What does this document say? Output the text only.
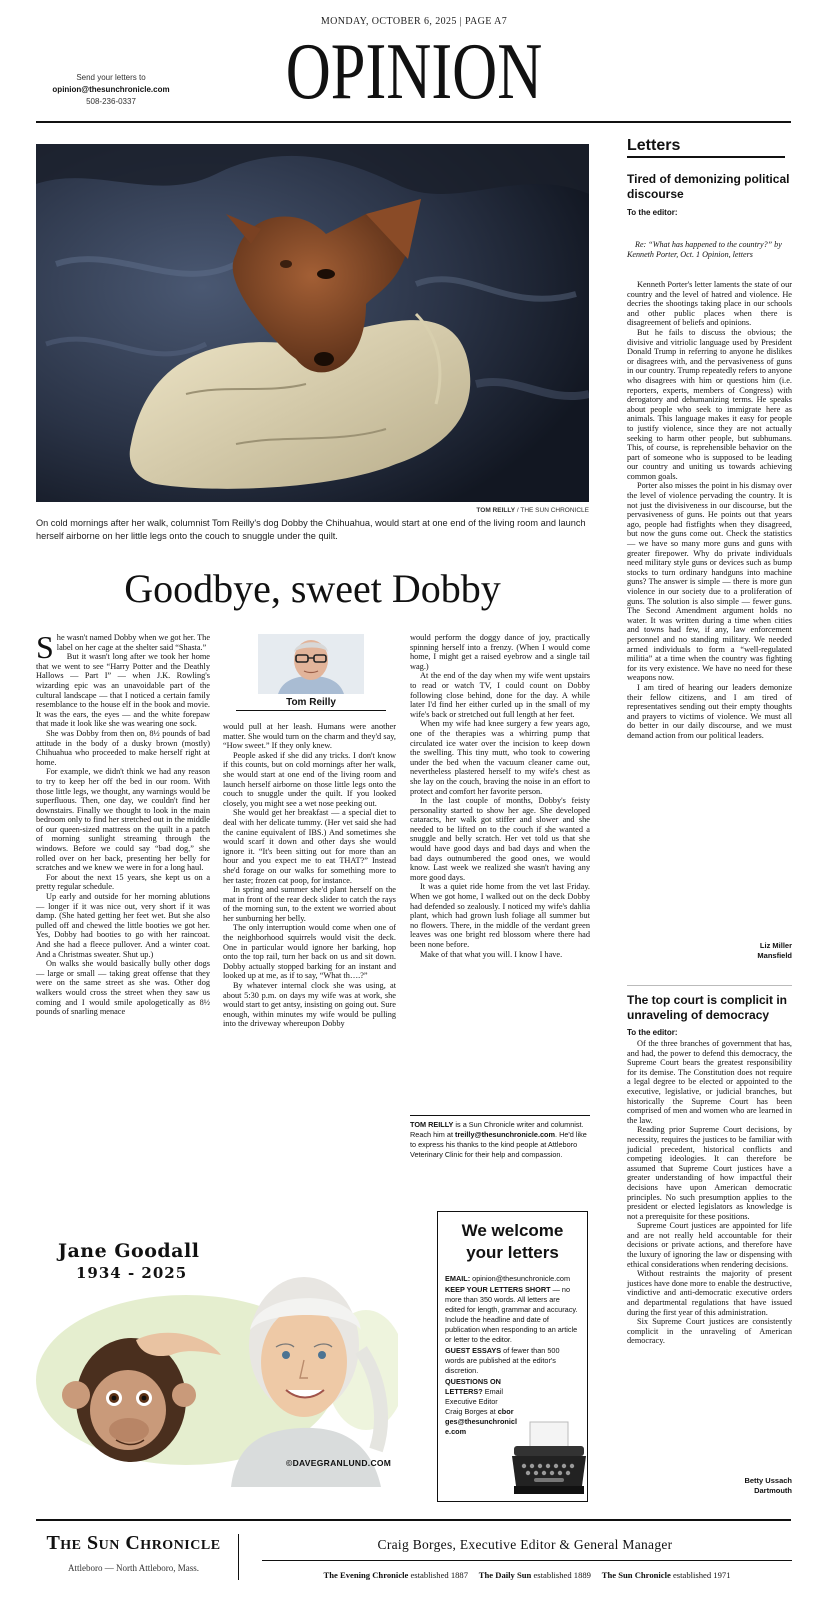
MONDAY, OCTOBER 6, 2025 | PAGE A7
OPINION
Send your letters to
opinion@thesunchronicle.com
508-236-0337
TOM REILLY / THE SUN CHRONICLE
On cold mornings after her walk, columnist Tom Reilly's dog Dobby the Chihuahua, would start at one end of the living room and launch herself airborne on her little legs onto the couch to snuggle under the quilt.
Goodbye, sweet Dobby

She wasn't named Dobby when we got her. The label on her cage at the shelter said “Shasta.”

But it wasn't long after we took her home that we went to see “Harry Potter and the Deathly Hallows — Part I” — when J.K. Rowling's wizarding epic was an unavoidable part of the cultural landscape — that I noticed a certain family resemblance to the house elf in the book and movie. It was the ears, the eyes — and the white forepaw that made it look like she was wearing one sock.

She was Dobby from then on, 8½ pounds of bad attitude in the body of a dusky brown (mostly) Chihuahua who proceeded to make herself right at home.

For example, we didn't think we had any reason to try to keep her off the bed in our room. With those little legs, we thought, any warnings would be superfluous. Then, one day, we couldn't find her downstairs. Finally we thought to look in the main bedroom only to find her stretched out in the middle of our queen-sized mattress on the quilt in a patch of morning sunlight streaming through the windows. Before we could say “bad dog,” she rolled over on her back, presenting her belly for scratches and we knew we were in for a long haul.

For about the next 15 years, she kept us on a pretty regular schedule.

Up early and outside for her morning ablutions — longer if it was nice out, very short if it was damp. (She hated getting her feet wet. But she also pulled off and chewed the little booties we got her. Yes, Dobby had booties to go with her raincoat. And she had a fleece pullover. And a winter coat. And a Christmas sweater. Shut up.)

On walks she would basically bully other dogs — large or small — taking great offense that they were on the same street as she was. Other dog walkers would cross the street when they saw us coming and I would smile apologetically as 8½ pounds of snarling menace

Tom Reilly

would pull at her leash. Humans were another matter. She would turn on the charm and they'd say, “How sweet.” If they only knew.

People asked if she did any tricks. I don't know if this counts, but on cold mornings after her walk, she would start at one end of the living room and launch herself airborne on those little legs onto the couch to snuggle under the quilt. If you looked closely, you might see a wet nose peeking out.

She would get her breakfast — a special diet to deal with her delicate tummy. (Her vet said she had the canine equivalent of IBS.) And sometimes she would scarf it down and other days she would ignore it. “It's been sitting out for more than an hour and you expect me to eat THAT?” Instead she'd forage on our walks for something more to her taste; frozen cat poop, for instance.

In spring and summer she'd plant herself on the mat in front of the rear deck slider to catch the rays of the morning sun, to the extent we worried about her sunburning her belly.

The only interruption would come when one of the neighborhood squirrels would visit the deck. One in particular would ignore her barking, hop onto the top rail, turn her back on us and sit down. Dobby actually stopped barking for an instant and looked up at me, as if to say, “What th….?”

By whatever internal clock she was using, at about 5:30 p.m. on days my wife was at work, she would start to get antsy, insisting on going out. Sure enough, within minutes my wife would be pulling into the driveway whereupon Dobby

would perform the doggy dance of joy, practically spinning herself into a frenzy. (When I would come home, I might get a raised eyebrow and a single tail wag.)

At the end of the day when my wife went upstairs to read or watch TV, I could count on Dobby following close behind, done for the day. A while later I'd find her either curled up in the small of my wife's back or stretched out full length at her feet.

When my wife had knee surgery a few years ago, one of the therapies was a whirring pump that circulated ice water over the incision to keep down the swelling. This tiny mutt, who took to cowering under the bed when the vacuum cleaner came out, nevertheless plastered herself to my wife's chest as she lay on the couch, braving the noise in an effort to protect and comfort her favorite person.

In the last couple of months, Dobby's feisty personality started to show her age. She developed cataracts, her walk got stiffer and slower and she needed to be lifted on to the couch if she wanted a snuggle and belly scratch. Her vet told us that she would have good days and bad days and when the bad days outnumbered the good ones, we would know. Last week we realized she wasn't having any more good days.

It was a quiet ride home from the vet last Friday. When we got home, I walked out on the deck Dobby had defended so zealously. I noticed my wife's dahlia plant, which had grown lush foliage all summer but no flowers. There, in the middle of the verdant green leaves was one bright red blossom where there had been none before.

Make of that what you will. I know I have.

TOM REILLY is a Sun Chronicle writer and columnist. Reach him at treilly@thesunchronicle.com. He'd like to express his thanks to the kind people at Attleboro Veterinary Clinic for their help and compassion.
Jane Goodall
1934 - 2025
©DAVEGRANLUND.COM
We welcome your letters
EMAIL: opinion@thesunchronicle.com
KEEP YOUR LETTERS SHORT — no more than 350 words. All letters are edited for length, grammar and accuracy. Include the headline and date of publication when responding to an article or letter to the editor.
GUEST ESSAYS of fewer than 500 words are published at the editor's discretion.
QUESTIONS ON LETTERS? Email Executive Editor Craig Borges at cborges@thesunchronicle.com
Letters
Tired of demonizing political discourse
To the editor:
Re: “What has happened to the country?” by Kenneth Porter, Oct. 1 Opinion, letters

Kenneth Porter's letter laments the state of our country and the level of hatred and violence. He decries the shootings taking place in our schools and other public places when there is disagreement of beliefs and opinions.

But he fails to discuss the obvious; the divisive and vitriolic language used by President Donald Trump in referring to anyone he dislikes or disagrees with, and the pervasiveness of guns in our country. Trump repeatedly refers to anyone who disagrees with him or questions him (i.e. reporters, experts, members of Congress) with derogatory and dehumanizing terms. He speaks about people who seek to immigrate here as animals. This language makes it easy for people to justify violence, since they are not actually seeking to harm other people, but subhumans. This, of course, is reprehensible behavior on the part of someone who is supposed to be leading our country and uniting us towards achieving common goals.

Porter also misses the point in his dismay over the level of violence pervading the country. It is not just the divisiveness in our discourse, but the pervasiveness of guns. He points out that years ago, people had fistfights when they disagreed, but now the guns come out. Check the statistics — we have so many more guns and guns with greater firepower. Why do private individuals need military style guns or devices such as bump stocks to turn ordinary handguns into machine guns? The answer is simple — there is more gun violence in our society due to a proliferation of guns. The solution is also simple — fewer guns. The Second Amendment argument holds no water. It was written during a time when cities and towns had few, if any, law enforcement personnel and no standing military. We needed armed individuals to form a “well-regulated militia” at a time when the country was fighting for its very existence. We have no need for these weapons now.

I am tired of hearing our leaders demonize their fellow citizens, and I am tired of representatives sending out their empty thoughts and prayers to victims of violence. We must all do better in our daily discourse, and we must demand action from our political leaders.

Liz Miller
Mansfield
The top court is complicit in unraveling of democracy
To the editor:

Of the three branches of government that has, and had, the power to defend this democracy, the Supreme Court bears the greatest responsibility for its demise. The Constitution does not require a legal degree to be elected or appointed to the executive, legislative, or judicial branches, but historically the Supreme Court has been comprised of men and women who are learned in the law.

Reading prior Supreme Court decisions, by necessity, requires the justices to be familiar with judicial precedent, historical conflicts and competing ideologies. It can therefore be assumed that Supreme Court justices have a greater understanding of how impactful their decisions have upon American democratic principles. No such presumption applies to the president or elected legislators as knowledge is not a prerequisite for these positions.

Supreme Court justices are appointed for life and are not really held accountable for their decisions or private actions, and therefore have the luxury of ignoring the law or dispensing with ethical considerations when rendering decisions.

Without restraints the majority of present justices have done more to enable the destructive, vindictive and anti-democratic executive orders and departmental regulations that have issued during the first year of this administration.

Six Supreme Court justices are consistently complicit in the unraveling of American democracy.

Betty Ussach
Dartmouth
The Sun Chronicle
Attleboro — North Attleboro, Mass.
Craig Borges, Executive Editor & General Manager
The Evening Chronicle established 1887 The Daily Sun established 1889 The Sun Chronicle established 1971
